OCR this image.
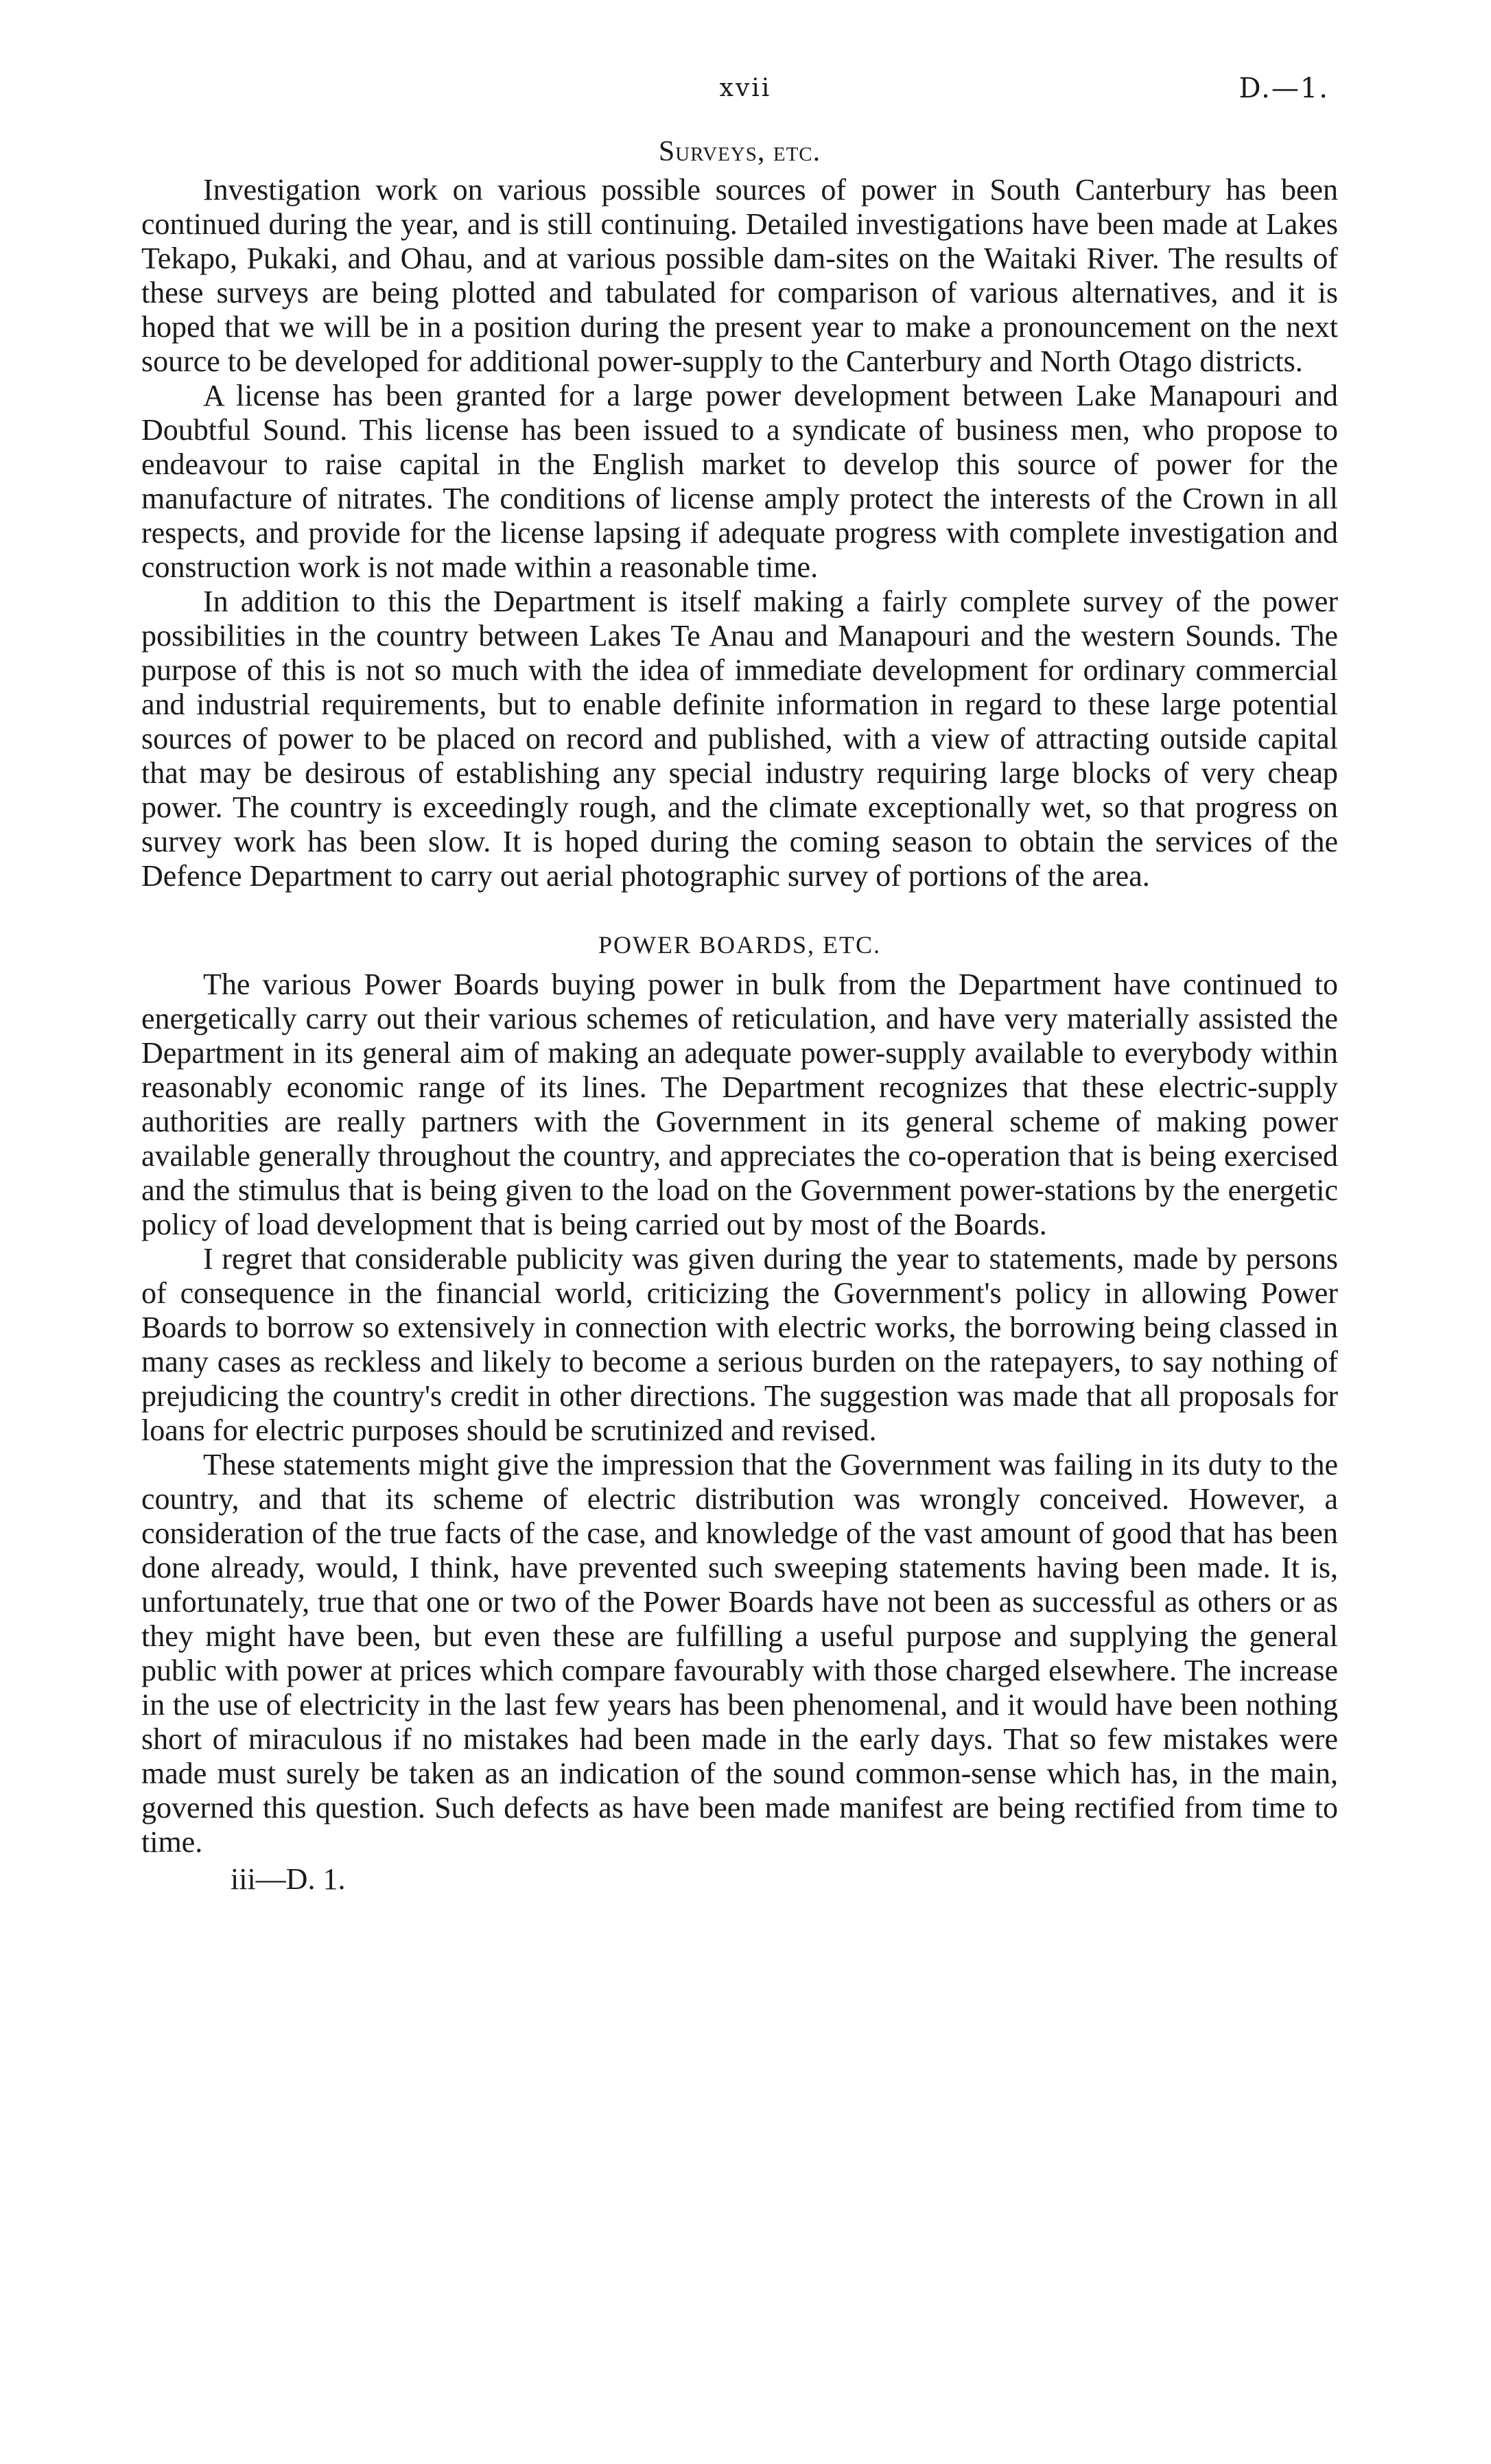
xvii	D.—1.
Surveys, etc.

Investigation work on various possible sources of power in South Canterbury has been continued during the year, and is still continuing. Detailed investigations have been made at Lakes Tekapo, Pukaki, and Ohau, and at various possible dam-sites on the Waitaki River. The results of these surveys are being plotted and tabulated for comparison of various alternatives, and it is hoped that we will be in a position during the present year to make a pronouncement on the next source to be developed for additional power-supply to the Canterbury and North Otago districts.

A license has been granted for a large power development between Lake Manapouri and Doubtful Sound. This license has been issued to a syndicate of business men, who propose to endeavour to raise capital in the English market to develop this source of power for the manufacture of nitrates. The conditions of license amply protect the interests of the Crown in all respects, and provide for the license lapsing if adequate progress with complete investigation and construction work is not made within a reasonable time.

In addition to this the Department is itself making a fairly complete survey of the power possibilities in the country between Lakes Te Anau and Manapouri and the western Sounds. The purpose of this is not so much with the idea of immediate development for ordinary commercial and industrial requirements, but to enable definite information in regard to these large potential sources of power to be placed on record and published, with a view of attracting outside capital that may be desirous of establishing any special industry requiring large blocks of very cheap power. The country is exceedingly rough, and the climate exceptionally wet, so that progress on survey work has been slow. It is hoped during the coming season to obtain the services of the Defence Department to carry out aerial photographic survey of portions of the area.

POWER BOARDS, ETC.

The various Power Boards buying power in bulk from the Department have continued to energetically carry out their various schemes of reticulation, and have very materially assisted the Department in its general aim of making an adequate power-supply available to everybody within reasonably economic range of its lines. The Department recognizes that these electric-supply authorities are really partners with the Government in its general scheme of making power available generally throughout the country, and appreciates the co-operation that is being exercised and the stimulus that is being given to the load on the Government power-stations by the energetic policy of load development that is being carried out by most of the Boards.

I regret that considerable publicity was given during the year to statements, made by persons of consequence in the financial world, criticizing the Government's policy in allowing Power Boards to borrow so extensively in connection with electric works, the borrowing being classed in many cases as reckless and likely to become a serious burden on the ratepayers, to say nothing of prejudicing the country's credit in other directions. The suggestion was made that all proposals for loans for electric purposes should be scrutinized and revised.

These statements might give the impression that the Government was failing in its duty to the country, and that its scheme of electric distribution was wrongly conceived. However, a consideration of the true facts of the case, and knowledge of the vast amount of good that has been done already, would, I think, have prevented such sweeping statements having been made. It is, unfortunately, true that one or two of the Power Boards have not been as successful as others or as they might have been, but even these are fulfilling a useful purpose and supplying the general public with power at prices which compare favourably with those charged elsewhere. The increase in the use of electricity in the last few years has been phenomenal, and it would have been nothing short of miraculous if no mistakes had been made in the early days. That so few mistakes were made must surely be taken as an indication of the sound common-sense which has, in the main, governed this question. Such defects as have been made manifest are being rectified from time to time.

iii—D. 1.
